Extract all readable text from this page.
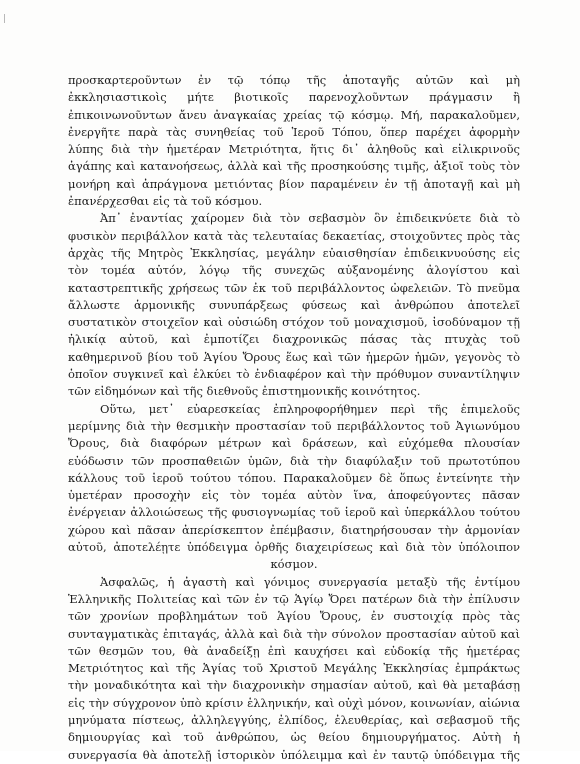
προσκαρτεροῦντων ἐν τῷ τόπῳ τῆς ἀποταγῆς αὐτῶν καὶ μὴ
ἐκκλησιαστικοὶς μήτε βιοτικοῖς παρενοχλοῦντων πράγμασιν ἢ
ἐπικοινωνοῦντων ἄνευ ἀναγκαίας χρείας τῷ κόσμῳ. Μή, παρακαλοῦμεν,
ἐνεργῆτε παρὰ τὰς συνηθείας τοῦ Ἱεροῦ Τόπου, ὅπερ παρέχει ἀφορμὴν
λύπης διὰ τὴν ἡμετέραν Μετριότητα, ἥτις δι᾽ ἀληθοῦς καὶ εἰλικρινοῦς
ἀγάπης καὶ κατανοήσεως, ἀλλὰ καὶ τῆς προσηκούσης τιμῆς, ἀξιοῖ τοὺς τὸν
μονήρη καὶ ἀπράγμονα μετιόντας βίον παραμένειν ἐν τῇ ἀποταγῇ καὶ μὴ
ἐπανέρχεσθαι εἰς τὰ τοῦ κόσμου.
Ἀπ᾽ ἐναντίας χαίρομεν διὰ τὸν σεβασμὸν ὃν ἐπιδεικνύετε διὰ τὸ
φυσικὸν περιβάλλον κατὰ τὰς τελευταίας δεκαετίας, στοιχοῦντες πρὸς τὰς
ἀρχὰς τῆς Μητρὸς Ἐκκλησίας, μεγάλην εὐαισθησίαν ἐπιδεικνυούσης εἰς
τὸν τομέα αὐτόν, λόγῳ τῆς συνεχῶς αὐξανομένης ἀλογίστου καὶ
καταστρεπτικῆς χρήσεως τῶν ἐκ τοῦ περιβάλλοντος ὠφελειῶν. Τὸ πνεῦμα
ἄλλωστε ἁρμονικῆς συνυπάρξεως φύσεως καὶ ἀνθρώπου ἀποτελεῖ
συστατικὸν στοιχεῖον καὶ οὐσιώδη στόχον τοῦ μοναχισμοῦ, ἰσοδύναμον τῇ
ἠλικίᾳ αὐτοῦ, καὶ ἐμποτίζει διαχρονικῶς πάσας τὰς πτυχὰς τοῦ
καθημερινοῦ βίου τοῦ Ἁγίου Ὄρους ἕως καὶ τῶν ἡμερῶν ἡμῶν, γεγονὸς τὸ
ὁποῖον συγκινεῖ καὶ ἑλκύει τὸ ἐνδιαφέρον καὶ τὴν πρόθυμον συναντίληψιν
τῶν εἰδημόνων καὶ τῆς διεθνοῦς ἐπιστημονικῆς κοινότητος.
Οὕτω, μετ᾽ εὐαρεσκείας ἐπληροφορήθημεν περὶ τῆς ἐπιμελοῦς
μερίμνης διὰ τὴν θεσμικὴν προστασίαν τοῦ περιβάλλοντος τοῦ Ἀγιωνύμου
Ὄρους, διὰ διαφόρων μέτρων καὶ δράσεων, καὶ εὐχόμεθα πλουσίαν
εὐόδωσιν τῶν προσπαθειῶν ὑμῶν, διὰ τὴν διαφύλαξιν τοῦ πρωτοτύπου
κάλλους τοῦ ἱεροῦ τούτου τόπου. Παρακαλοῦμεν δὲ ὅπως ἐντείνητε τὴν
ὑμετέραν προσοχὴν εἰς τὸν τομέα αὐτὸν ἵνα, ἀποφεύγοντες πᾶσαν
ἐνέργειαν ἀλλοιώσεως τῆς φυσιογνωμίας τοῦ ἱεροῦ καὶ ὑπερκάλλου τούτου
χώρου καὶ πᾶσαν ἀπερίσκεπτον ἐπέμβασιν, διατηρήσουσαν τὴν ἁρμονίαν
αὐτοῦ, ἀποτελέῃτε ὑπόδειγμα ὀρθῆς διαχειρίσεως καὶ διὰ τὸν ὑπόλοιπον
κόσμον.
Ἀσφαλῶς, ἡ ἀγαστὴ καὶ γόνιμος συνεργασία μεταξὺ τῆς ἐντίμου
Ἑλληνικῆς Πολιτείας καὶ τῶν ἐν τῷ Ἁγίῳ Ὄρει πατέρων διὰ τὴν ἐπίλυσιν
τῶν χρονίων προβλημάτων τοῦ Ἁγίου Ὄρους, ἐν συστοιχίᾳ πρὸς τὰς
συνταγματικὰς ἐπιταγάς, ἀλλὰ καὶ διὰ τὴν σύνολον προστασίαν αὐτοῦ καὶ
τῶν θεσμῶν του, θὰ ἀναδείξῃ ἐπὶ καυχήσει καὶ εὐδοκίᾳ τῆς ἡμετέρας
Μετριότητος καὶ τῆς Ἁγίας τοῦ Χριστοῦ Μεγάλης Ἐκκλησίας ἐμπράκτως
τὴν μοναδικότητα καὶ τὴν διαχρονικὴν σημασίαν αὐτοῦ, καὶ θὰ μεταβάσῃ
εἰς τὴν σύγχρονον ὑπὸ κρίσιν ἑλληνικήν, καὶ οὐχὶ μόνον, κοινωνίαν, αἰώνια
μηνύματα πίστεως, ἀλληλεγγύης, ἐλπίδος, ἐλευθερίας, καὶ σεβασμοῦ τῆς
δημιουργίας καὶ τοῦ ἀνθρώπου, ὡς θείου δημιουργήματος. Αὐτὴ ἡ
συνεργασία θὰ ἀποτελῇ ἱστορικὸν ὑπόλειμμα καὶ ἐν ταυτῷ ὑπόδειγμα τῆς
